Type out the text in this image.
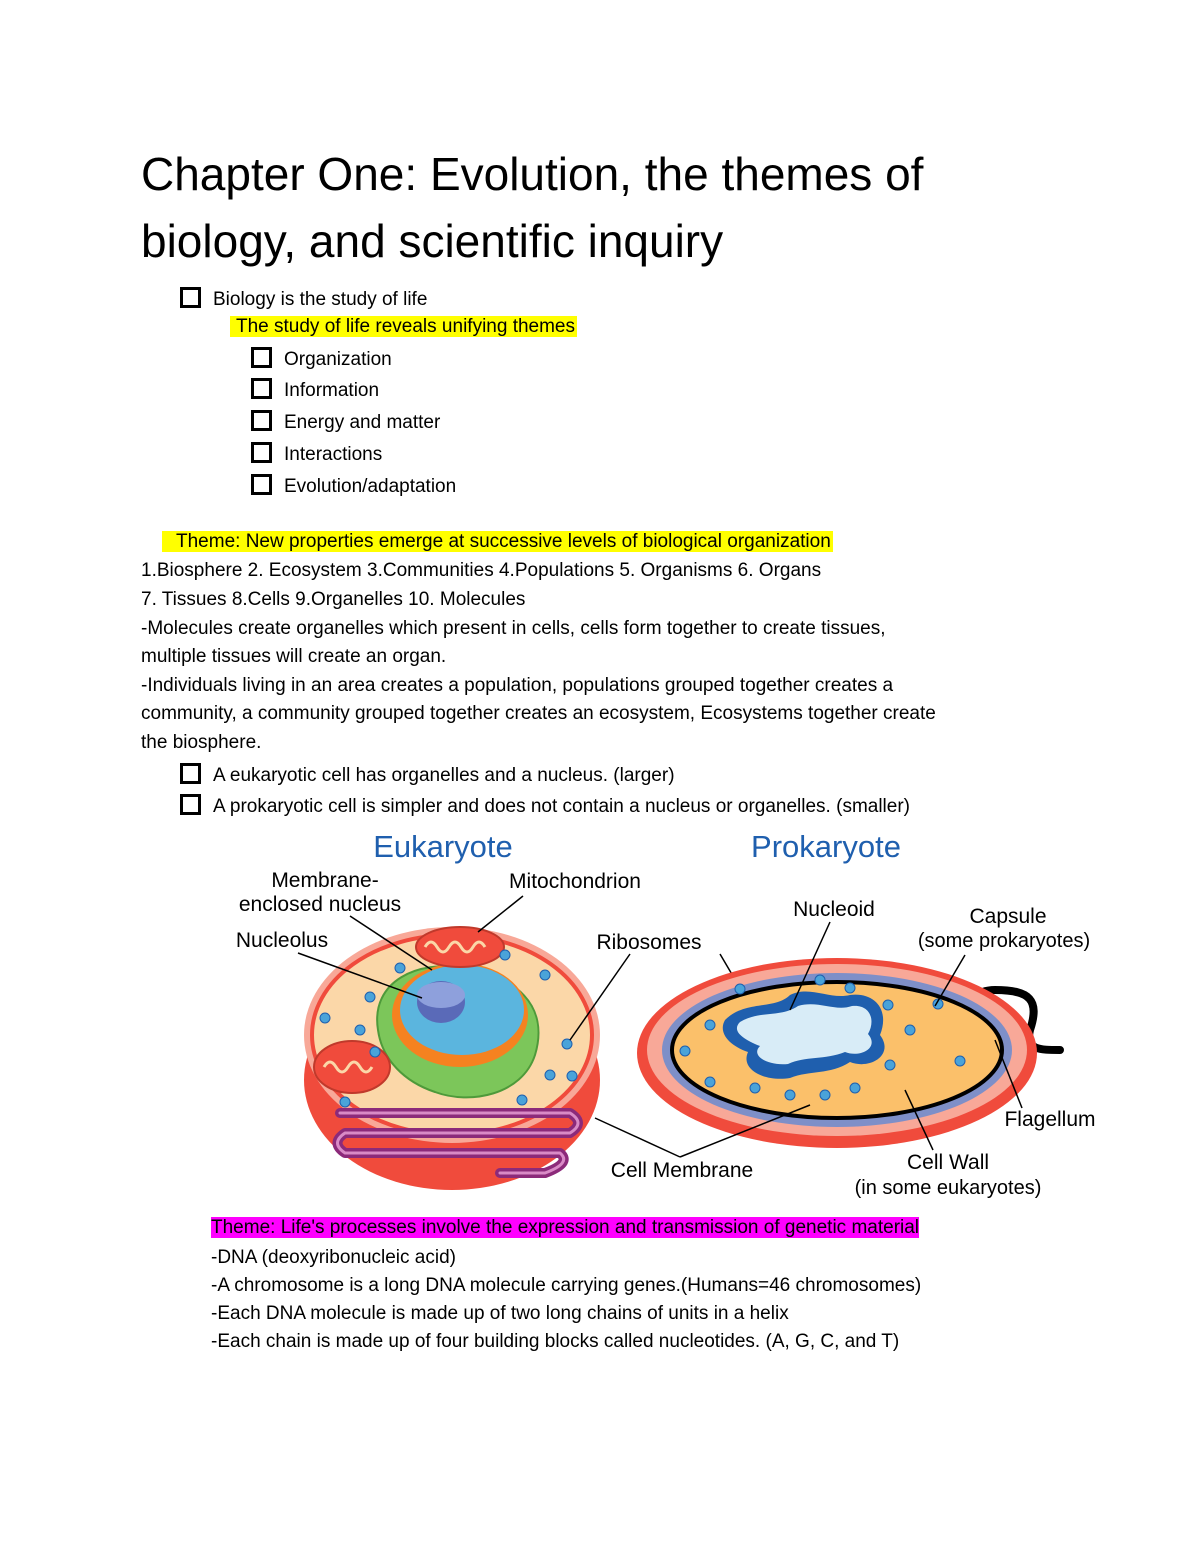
Chapter One: Evolution, the themes of
biology, and scientific inquiry
Biology is the study of life
The study of life reveals unifying themes
Organization
Information
Energy and matter
Interactions
Evolution/adaptation
Theme: New properties emerge at successive levels of biological organization
1.Biosphere 2. Ecosystem 3.Communities 4.Populations 5. Organisms 6. Organs
7. Tissues 8.Cells 9.Organelles 10. Molecules
-Molecules create organelles which present in cells, cells form together to create tissues,
multiple tissues will create an organ.
-Individuals living in an area creates a population, populations grouped together creates a
community, a community grouped together creates an ecosystem, Ecosystems together create
the biosphere.
A eukaryotic cell has organelles and a nucleus. (larger)
A prokaryotic cell is simpler and does not contain a nucleus or organelles. (smaller)
Eukaryote	Prokaryote
Membrane-
enclosed nucleus
Mitochondrion
Nucleolus	Ribosomes
Nucleoid	Capsule
(some prokaryotes)
Flagellum
Cell Wall
(in some eukaryotes)
Cell Membrane
Theme: Life's processes involve the expression and transmission of genetic material
-DNA (deoxyribonucleic acid)
-A chromosome is a long DNA molecule carrying genes.(Humans=46 chromosomes)
-Each DNA molecule is made up of two long chains of units in a helix
-Each chain is made up of four building blocks called nucleotides. (A, G, C, and T)
